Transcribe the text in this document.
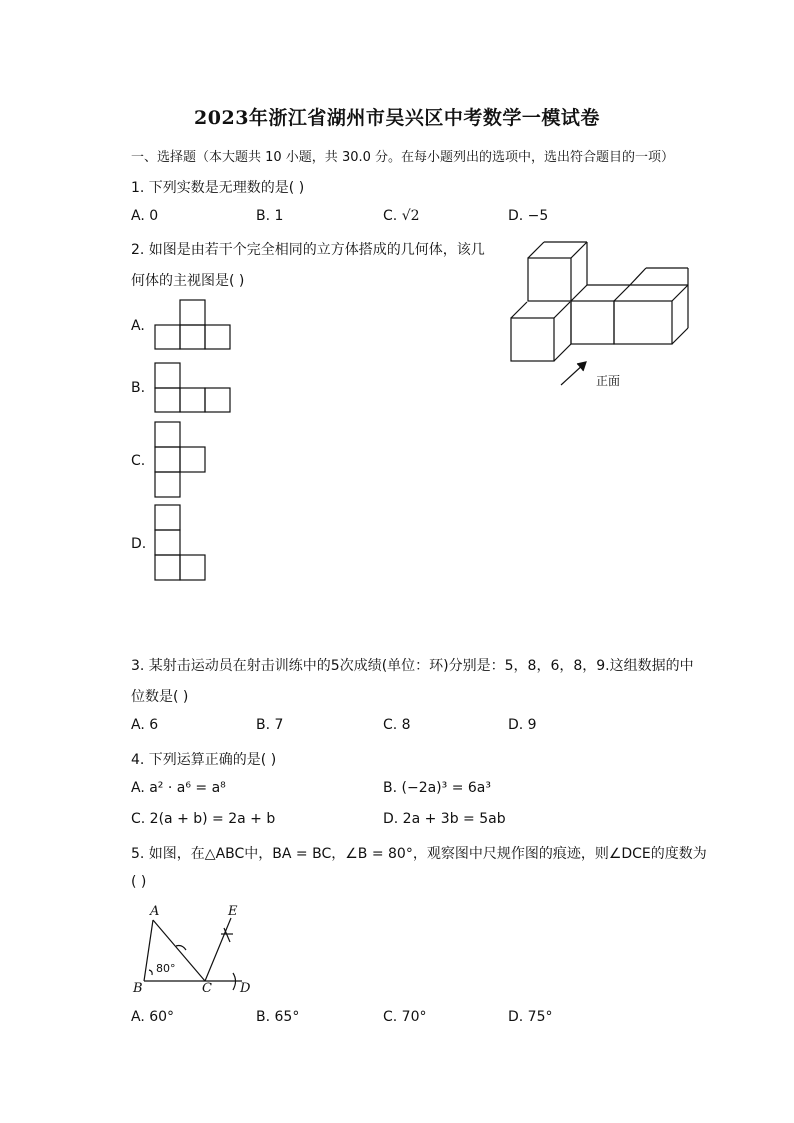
2023年浙江省湖州市吴兴区中考数学一模试卷
一、选择题（本大题共 10 小题，共 30.0 分。在每小题列出的选项中，选出符合题目的一项）
1. 下列实数是无理数的是( )
A. 0	B. 1	C. √2	D. −5
2. 如图是由若干个完全相同的立方体搭成的几何体，该几
何体的主视图是( )
A.
B.
C.
D.
正面
3. 某射击运动员在射击训练中的5次成绩(单位：环)分别是：5，8，6，8，9.这组数据的中
位数是( )
A. 6	B. 7	C. 8	D. 9
4. 下列运算正确的是( )
A. a² · a⁶ = a⁸	B. (−2a)³ = 6a³
C. 2(a + b) = 2a + b	D. 2a + 3b = 5ab
5. 如图，在△ABC中，BA = BC，∠B = 80°，观察图中尺规作图的痕迹，则∠DCE的度数为
( )
A	E
B	C D
80°
A. 60°	B. 65°	C. 70°	D. 75°
